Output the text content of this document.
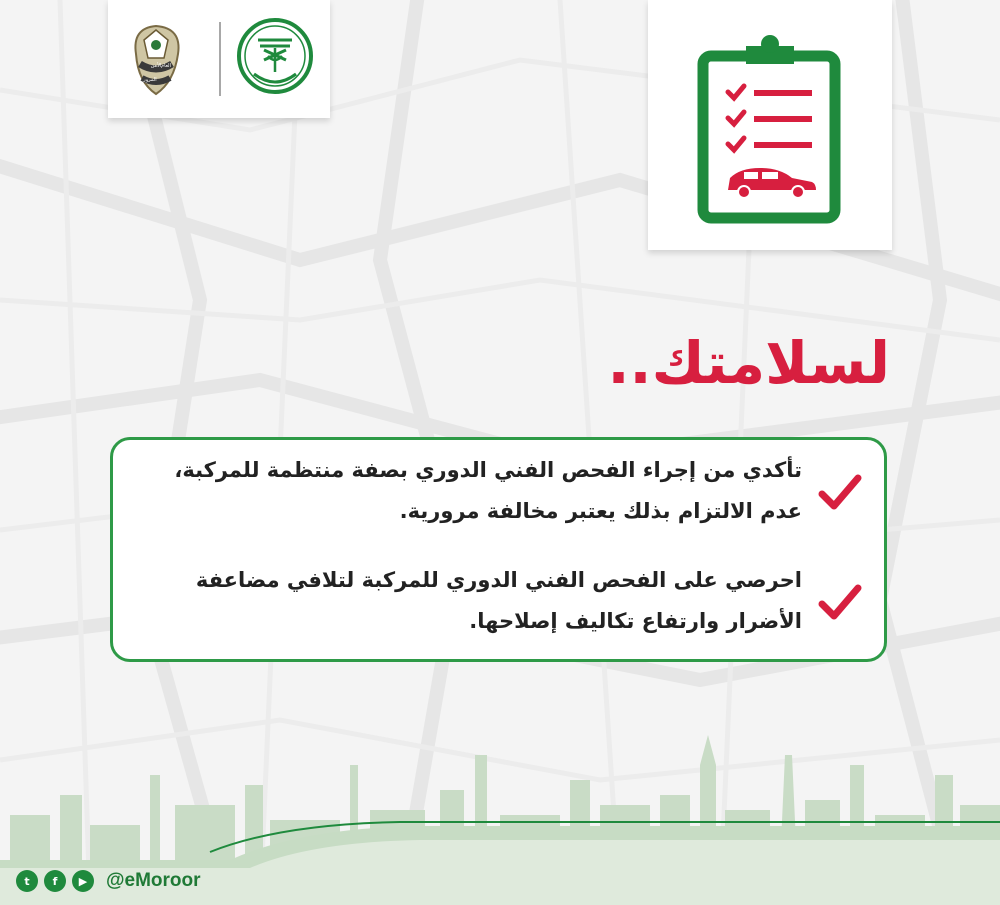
الأمن
المرور
العام
لسلامتك..
تأكدي من إجراء الفحص الفني الدوري بصفة منتظمة للمركبة، عدم الالتزام بذلك يعتبر مخالفة مرورية.
احرصي على الفحص الفني الدوري للمركبة لتلافي مضاعفة الأضرار وارتفاع تكاليف إصلاحها.
t	f	▶ @eMoroor
